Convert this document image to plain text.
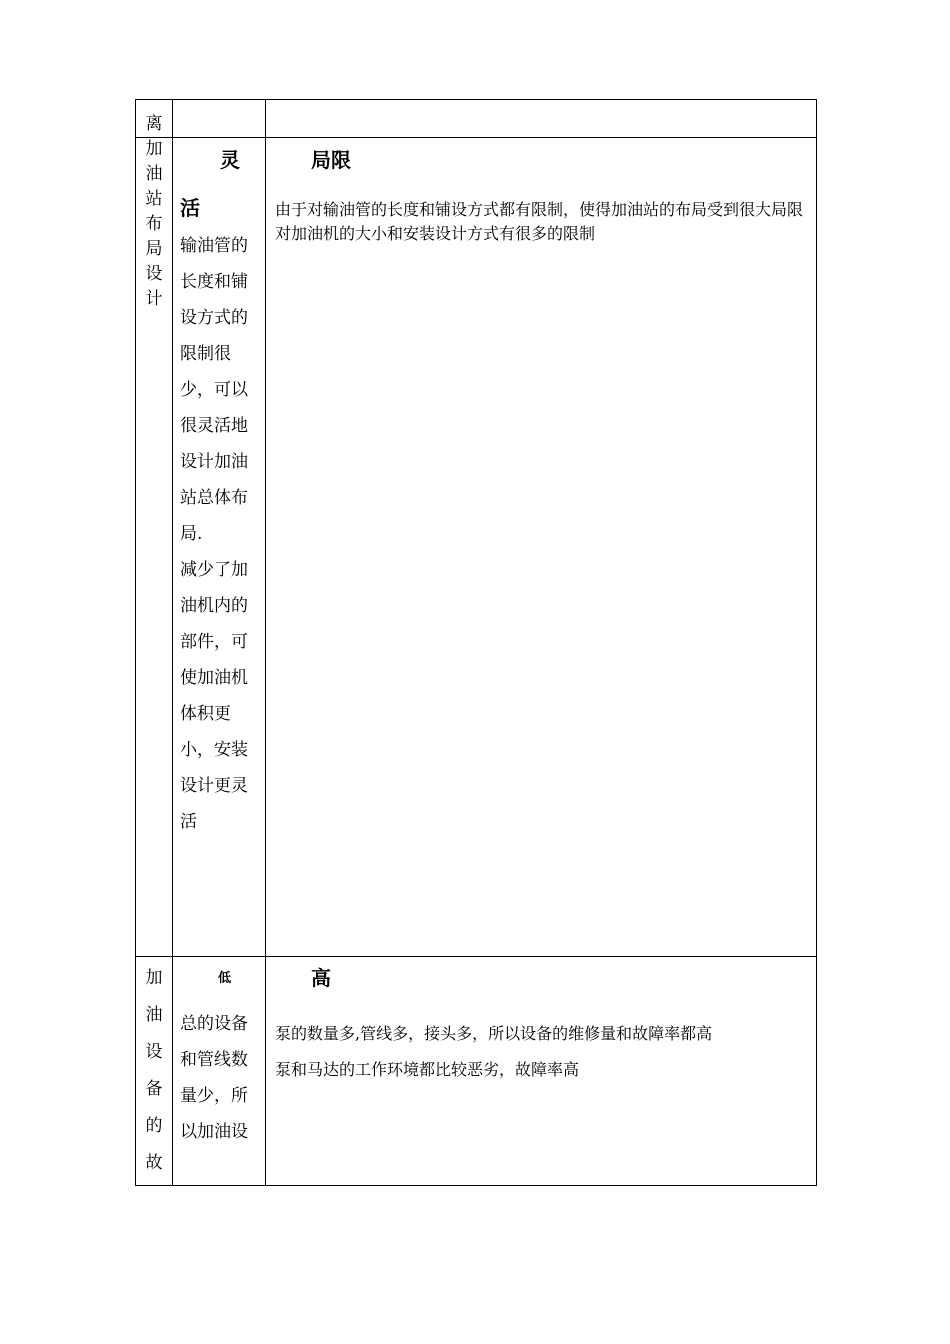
离
加油站布局设计
灵
活
输油管的长度和铺设方式的限制很少，可以很灵活地设计加油站总体布局.
减少了加油机内的部件，可使加油机体积更小，安装设计更灵活
局限
由于对输油管的长度和铺设方式都有限制，使得加油站的布局受到很大局限
对加油机的大小和安装设计方式有很多的限制
加油设备的故
低
总的设备和管线数量少，所以加油设
高
泵的数量多,管线多，接头多，所以设备的维修量和故障率都高
泵和马达的工作环境都比较恶劣，故障率高
